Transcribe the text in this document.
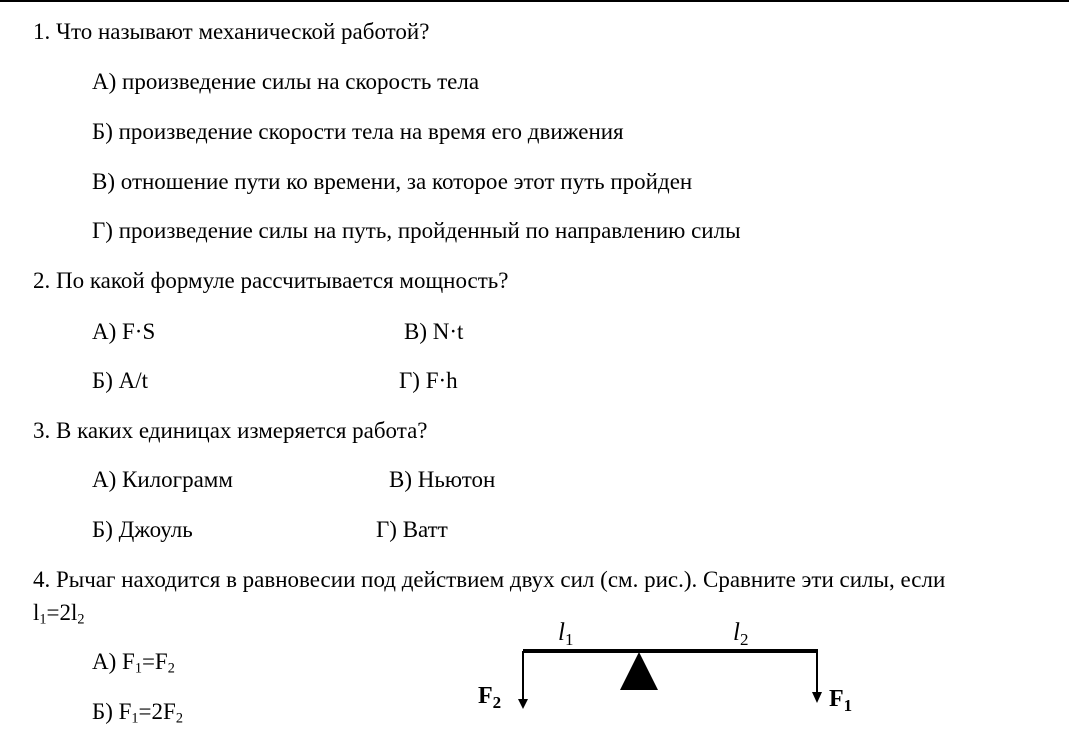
1. Что называют механической работой?
А) произведение силы на скорость тела
Б) произведение скорости тела на время его движения
В) отношение пути ко времени, за которое этот путь пройден
Г) произведение силы на путь, пройденный по направлению силы
2. По какой формуле рассчитывается мощность?
А) F·S	В) N·t
Б) A/t	Г) F·h
3. В каких единицах измеряется работа?
А) Килограмм	В) Ньютон
Б) Джоуль	Г) Ватт
4. Рычаг находится в равновесии под действием двух сил (см. рис.). Сравните эти силы, если
$l_1=2l_2$
А) $F_1=F_2$
Б) $F_1=2F_2$
$l_1$	$l_2$
$F_2$	$F_1$
